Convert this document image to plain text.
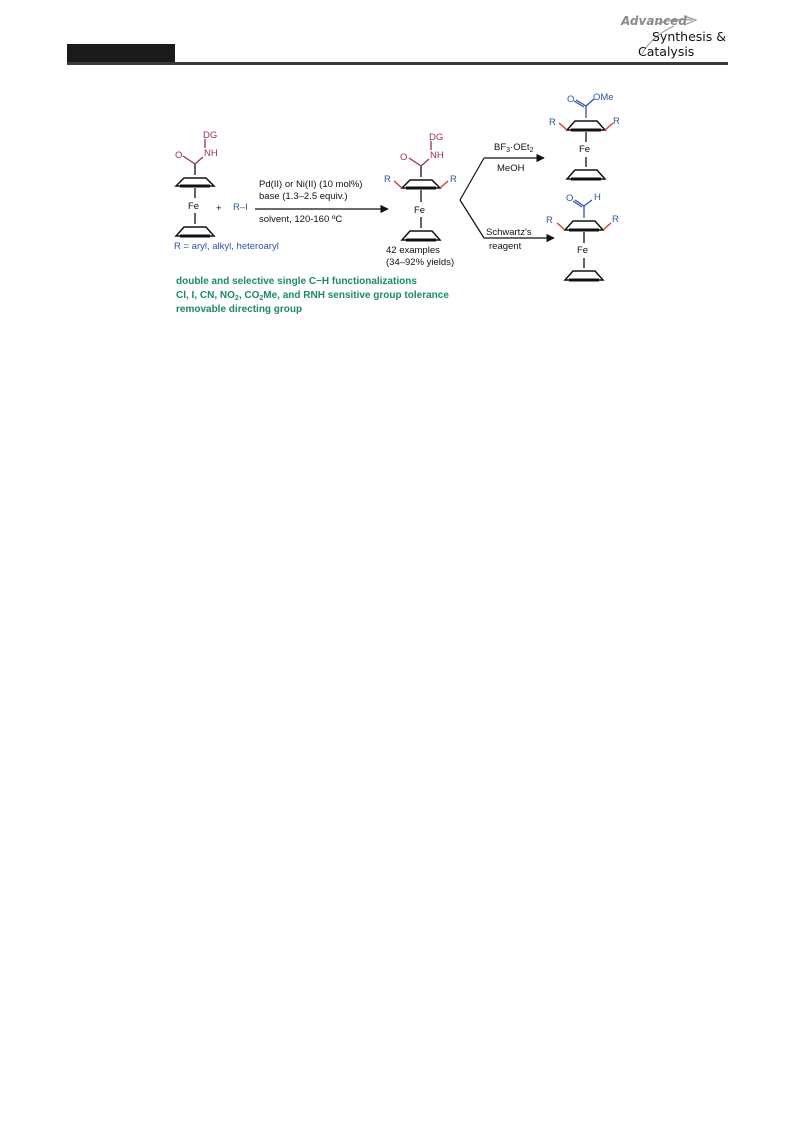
Advanced
Synthesis &
Catalysis
DG
NH
O
Fe + R–I
R = aryl, alkyl, heteroaryl
Pd(II) or Ni(II) (10 mol%)
base (1.3–2.5 equiv.)
solvent, 120-160 ºC
DG
NH
O
R	R
Fe
42 examples
(34–92% yields)
$BF_3\cdot OEt_2$
MeOH
O OMe
R	R
Fe
Schwartz's
reagent
O H
R	R
Fe
double and selective single C−H functionalizations
Cl, I, CN, $NO_2$, $CO_2Me$, and RNH sensitive group tolerance
removable directing group
